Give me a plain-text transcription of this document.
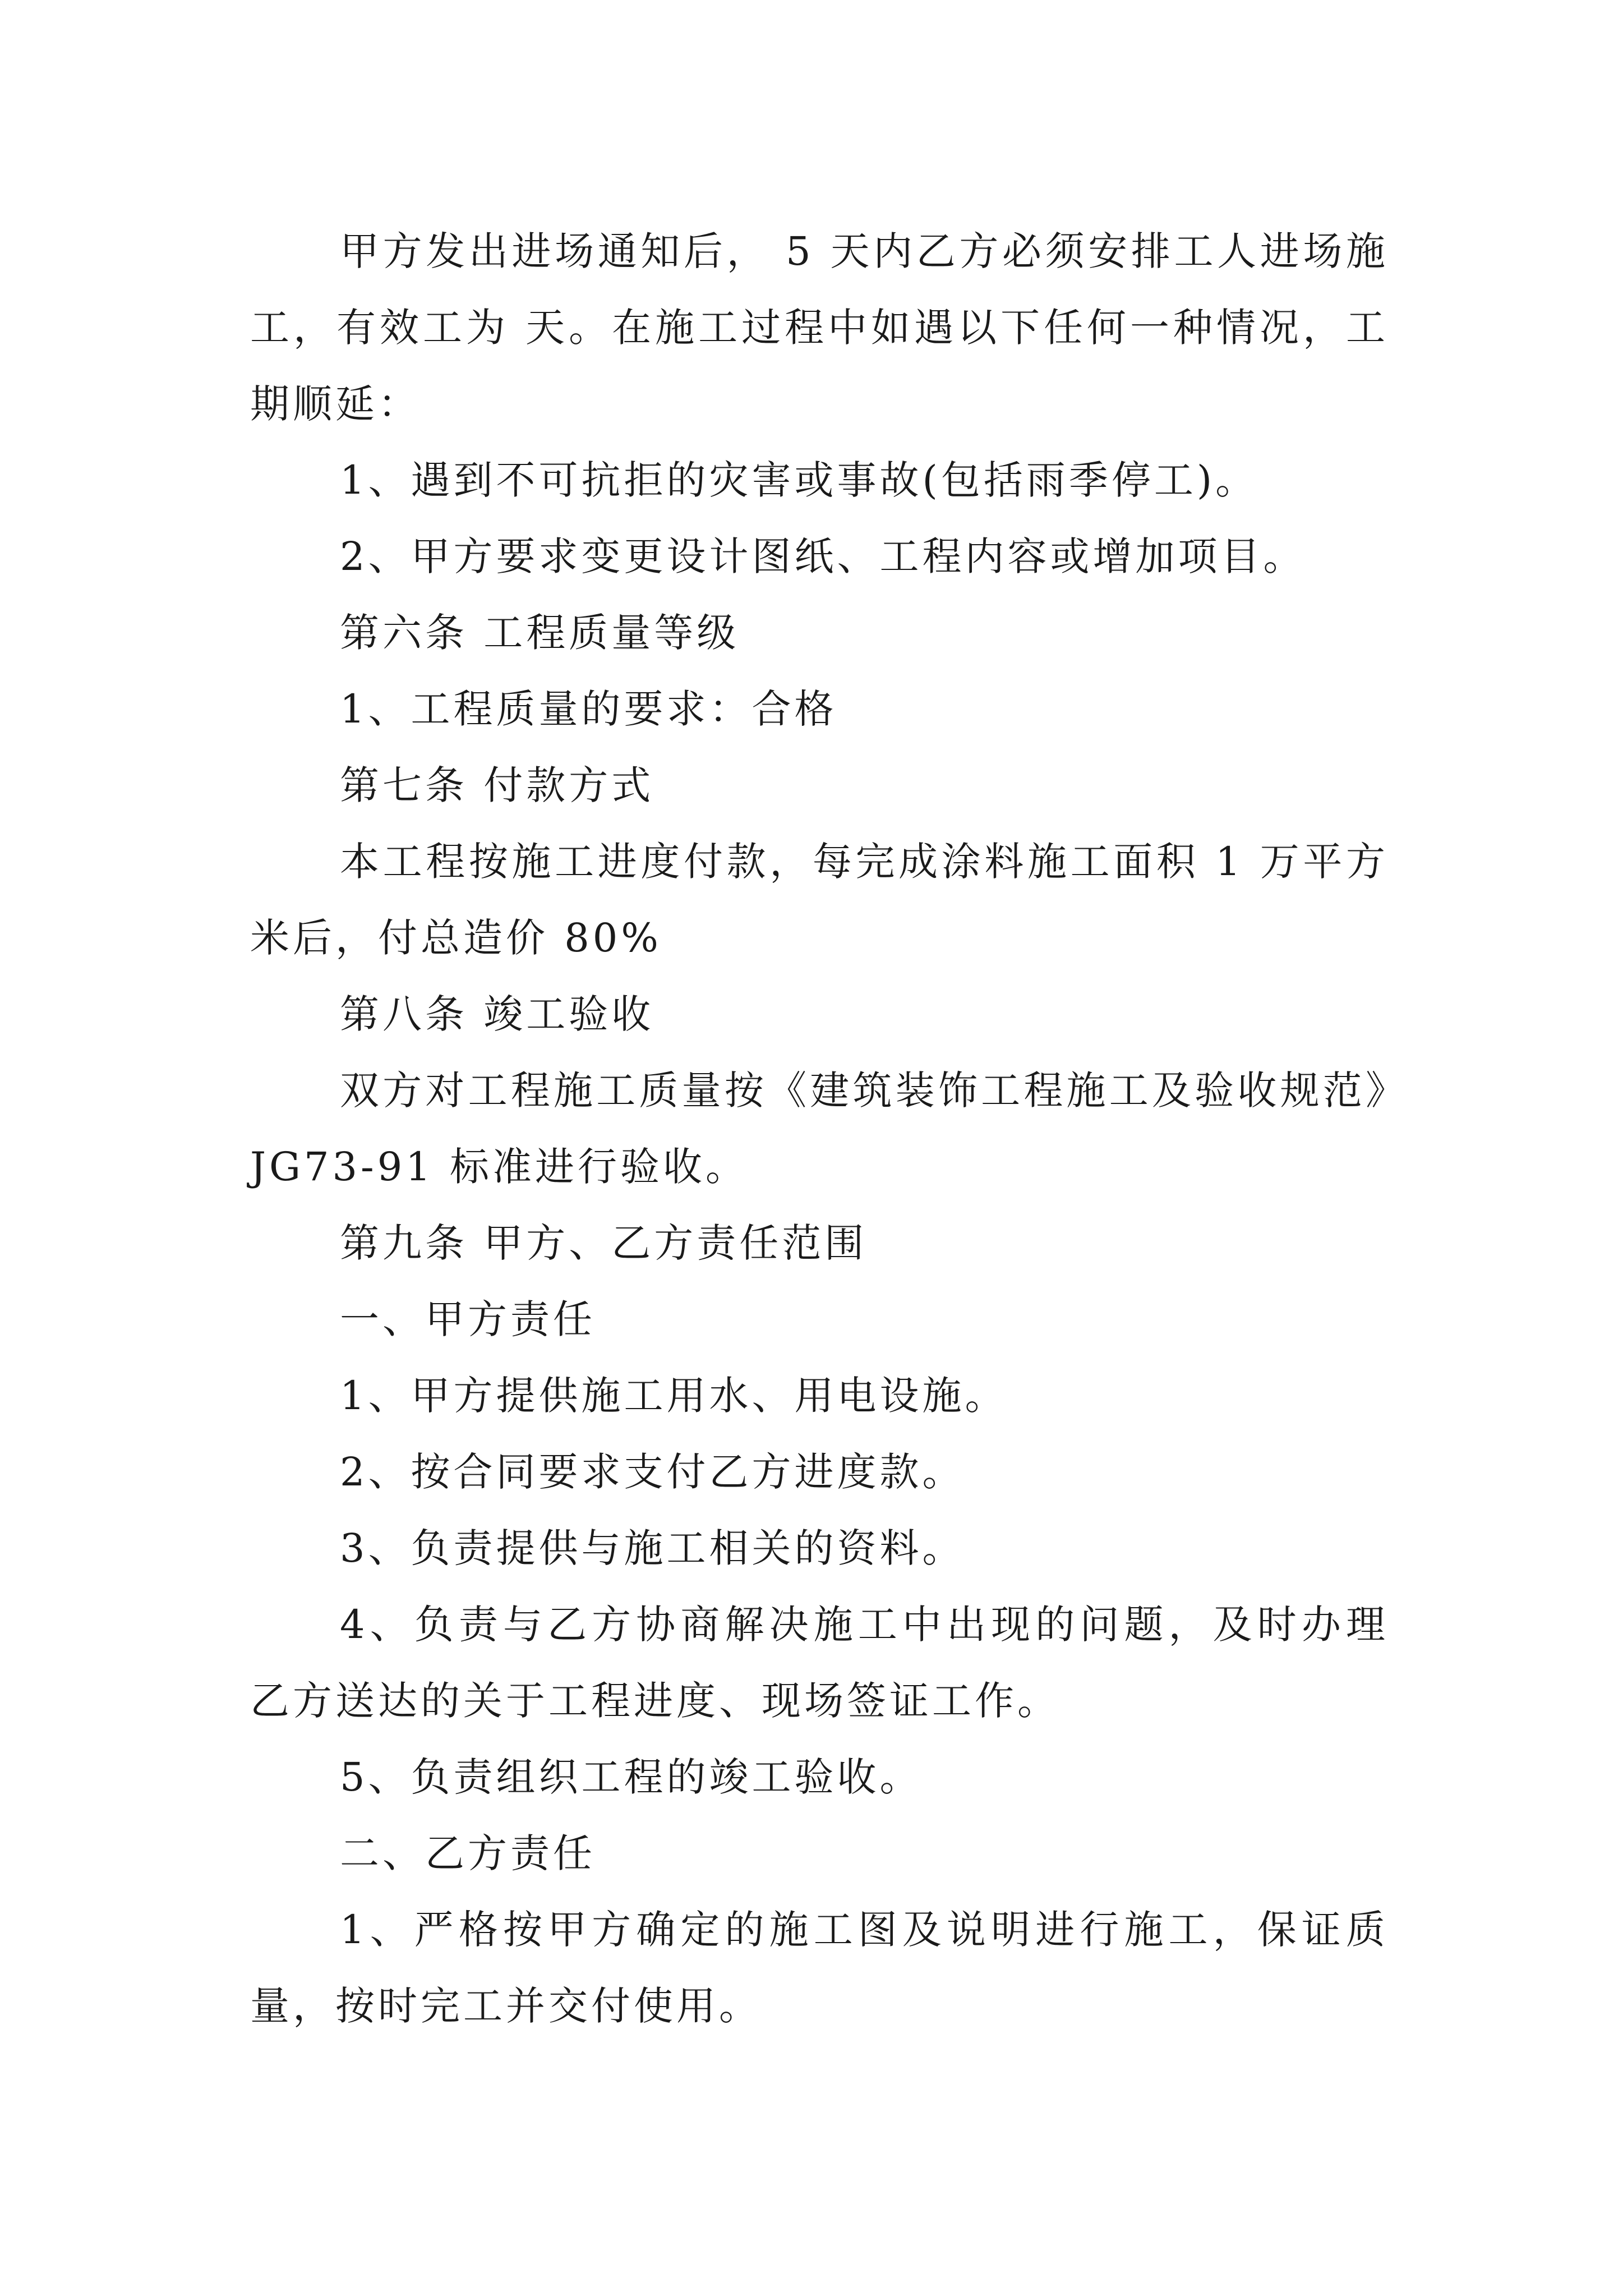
甲方发出进场通知后， 5 天内乙方必须安排工人进场施工，有效工为 天。在施工过程中如遇以下任何一种情况，工期顺延：

1、遇到不可抗拒的灾害或事故(包括雨季停工)。

2、甲方要求变更设计图纸、工程内容或增加项目。

第六条 工程质量等级

1、工程质量的要求：合格

第七条 付款方式

本工程按施工进度付款，每完成涂料施工面积 1 万平方米后，付总造价 80%

第八条 竣工验收

双方对工程施工质量按《建筑装饰工程施工及验收规范》JG73-91 标准进行验收。

第九条 甲方、乙方责任范围

一、甲方责任

1、甲方提供施工用水、用电设施。

2、按合同要求支付乙方进度款。

3、负责提供与施工相关的资料。

4、负责与乙方协商解决施工中出现的问题，及时办理乙方送达的关于工程进度、现场签证工作。

5、负责组织工程的竣工验收。

二、乙方责任

1、严格按甲方确定的施工图及说明进行施工，保证质量，按时完工并交付使用。
